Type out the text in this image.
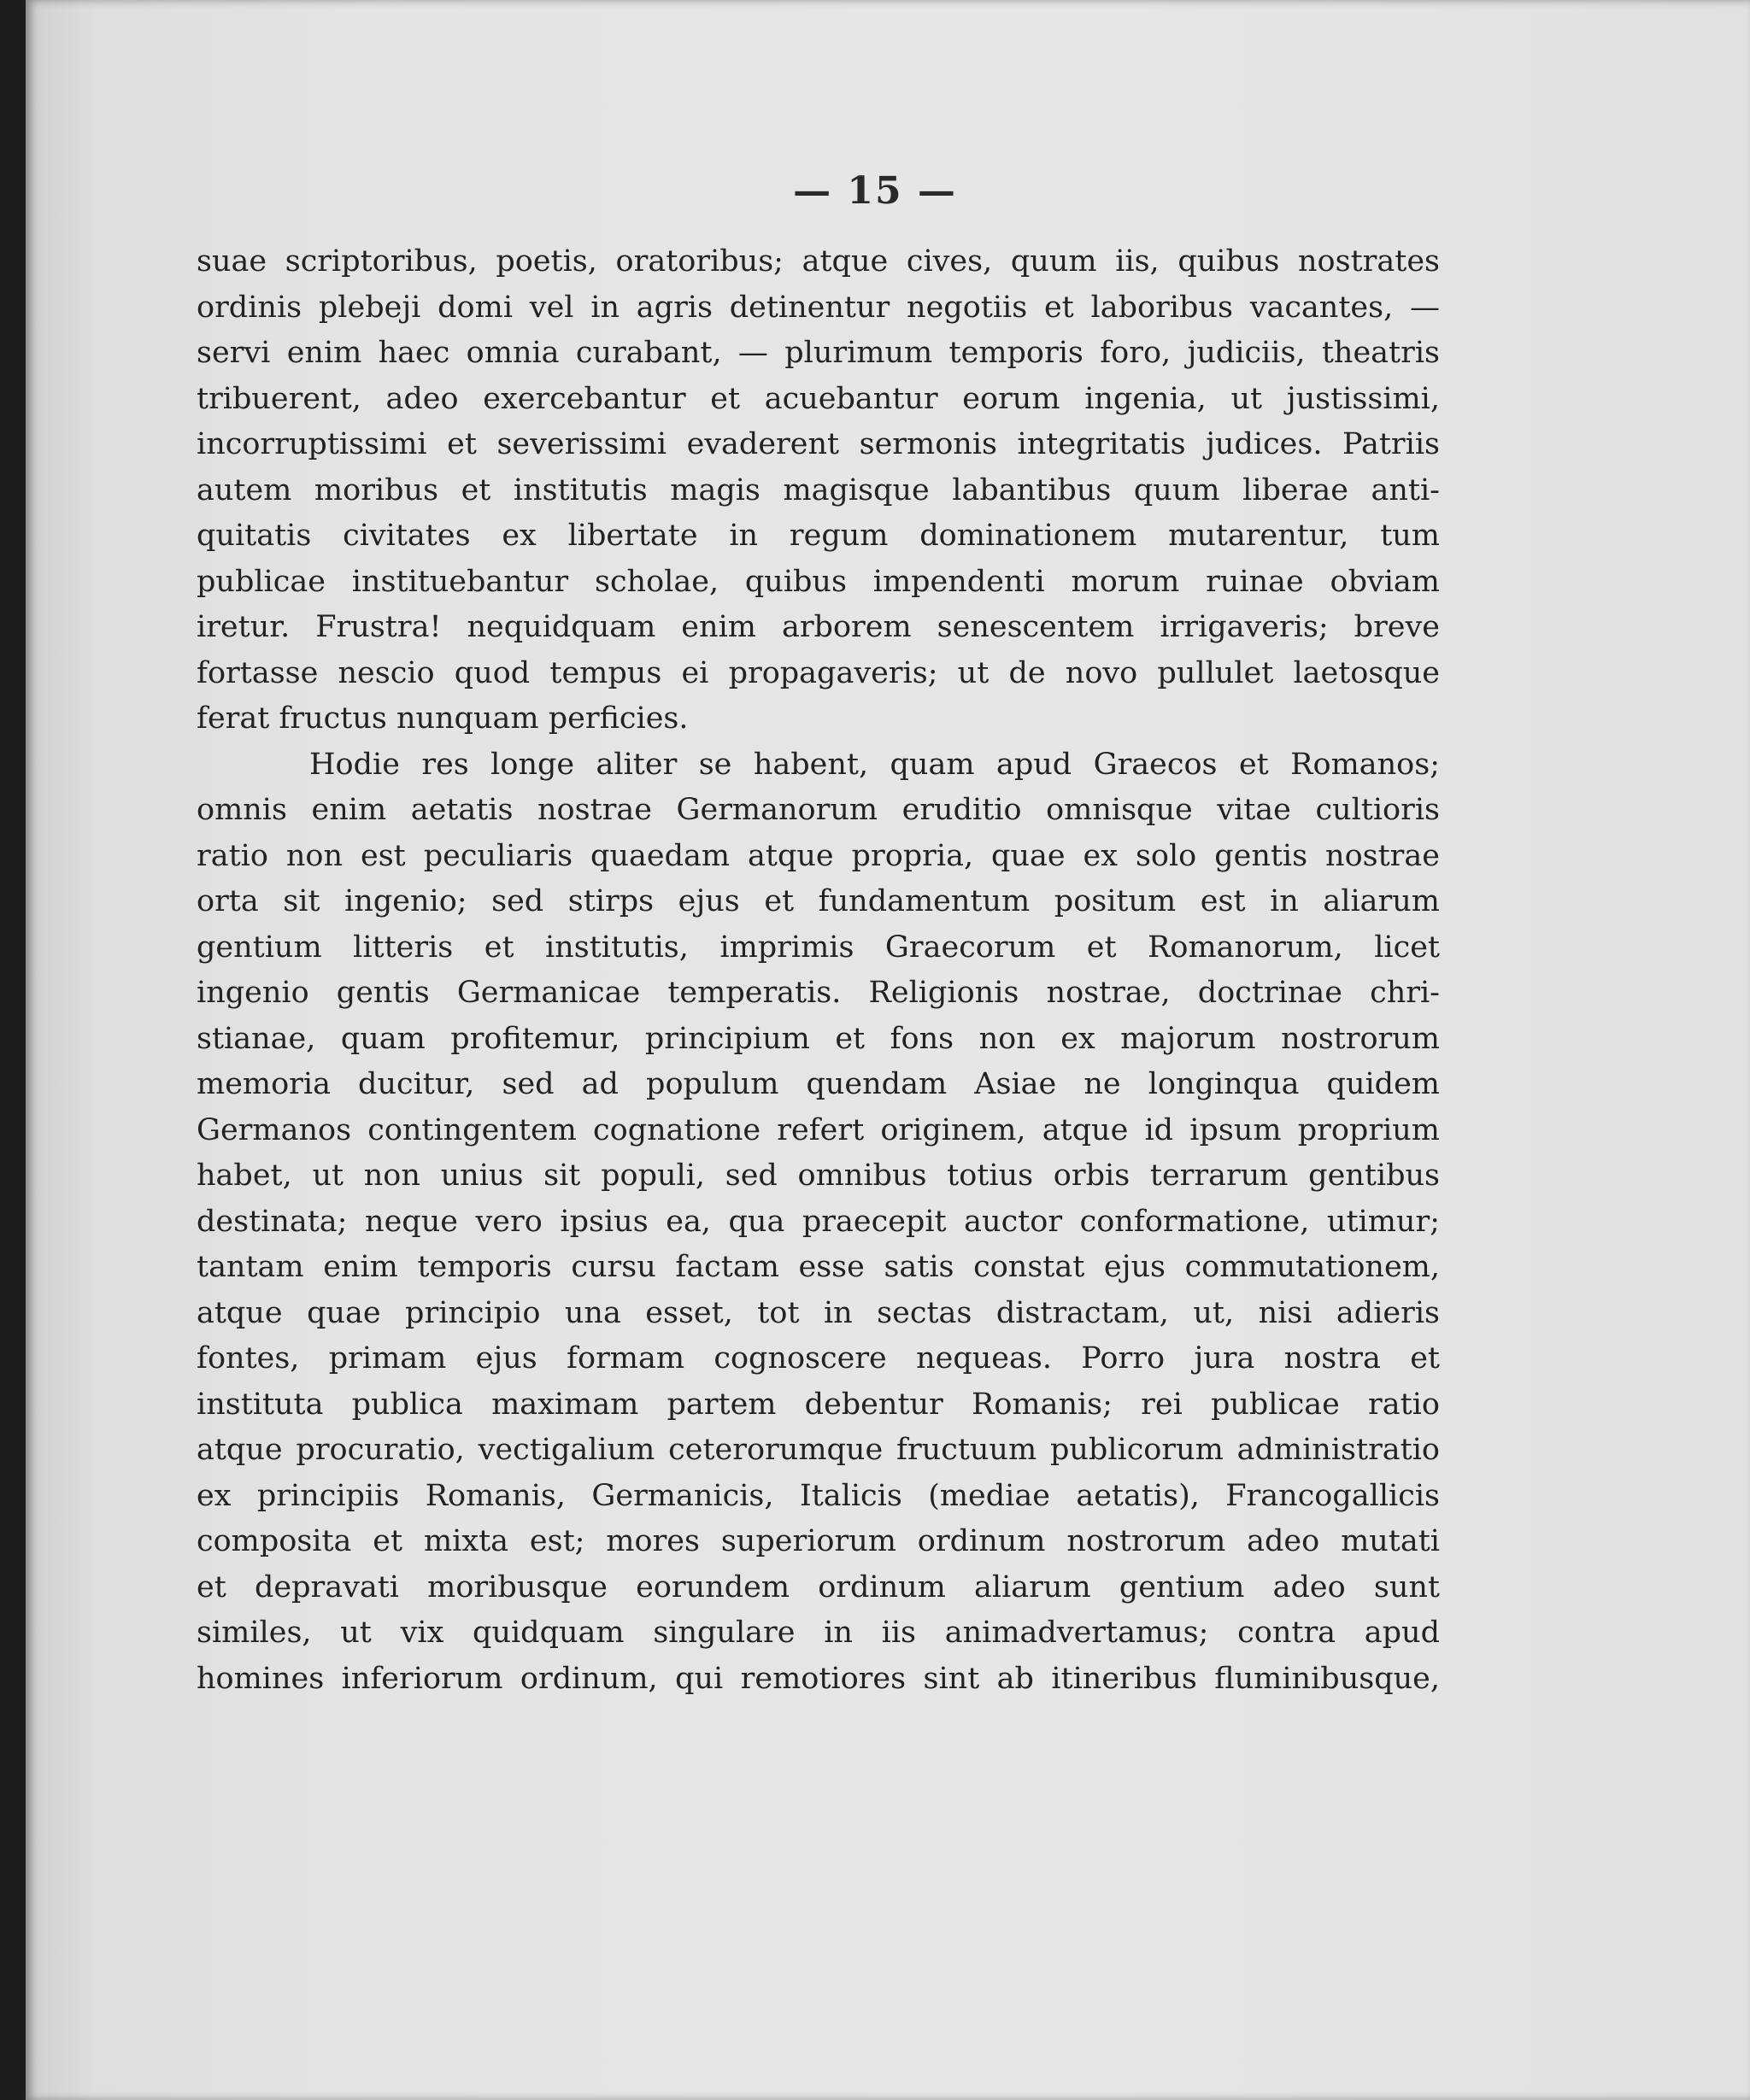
— 15 —
suae scriptoribus, poetis, oratoribus; atque cives, quum iis, quibus nostrates
ordinis plebeji domi vel in agris detinentur negotiis et laboribus vacantes, —
servi enim haec omnia curabant, — plurimum temporis foro, judiciis, theatris
tribuerent, adeo exercebantur et acuebantur eorum ingenia, ut justissimi,
incorruptissimi et severissimi evaderent sermonis integritatis judices. Patriis
autem moribus et institutis magis magisque labantibus quum liberae anti-
quitatis civitates ex libertate in regum dominationem mutarentur, tum
publicae instituebantur scholae, quibus impendenti morum ruinae obviam
iretur. Frustra! nequidquam enim arborem senescentem irrigaveris; breve
fortasse nescio quod tempus ei propagaveris; ut de novo pullulet laetosque
ferat fructus nunquam perficies.
Hodie res longe aliter se habent, quam apud Graecos et Romanos;
omnis enim aetatis nostrae Germanorum eruditio omnisque vitae cultioris
ratio non est peculiaris quaedam atque propria, quae ex solo gentis nostrae
orta sit ingenio; sed stirps ejus et fundamentum positum est in aliarum
gentium litteris et institutis, imprimis Graecorum et Romanorum, licet
ingenio gentis Germanicae temperatis. Religionis nostrae, doctrinae chri-
stianae, quam profitemur, principium et fons non ex majorum nostrorum
memoria ducitur, sed ad populum quendam Asiae ne longinqua quidem
Germanos contingentem cognatione refert originem, atque id ipsum proprium
habet, ut non unius sit populi, sed omnibus totius orbis terrarum gentibus
destinata; neque vero ipsius ea, qua praecepit auctor conformatione, utimur;
tantam enim temporis cursu factam esse satis constat ejus commutationem,
atque quae principio una esset, tot in sectas distractam, ut, nisi adieris
fontes, primam ejus formam cognoscere nequeas. Porro jura nostra et
instituta publica maximam partem debentur Romanis; rei publicae ratio
atque procuratio, vectigalium ceterorumque fructuum publicorum administratio
ex principiis Romanis, Germanicis, Italicis (mediae aetatis), Francogallicis
composita et mixta est; mores superiorum ordinum nostrorum adeo mutati
et depravati moribusque eorundem ordinum aliarum gentium adeo sunt
similes, ut vix quidquam singulare in iis animadvertamus; contra apud
homines inferiorum ordinum, qui remotiores sint ab itineribus fluminibusque,
